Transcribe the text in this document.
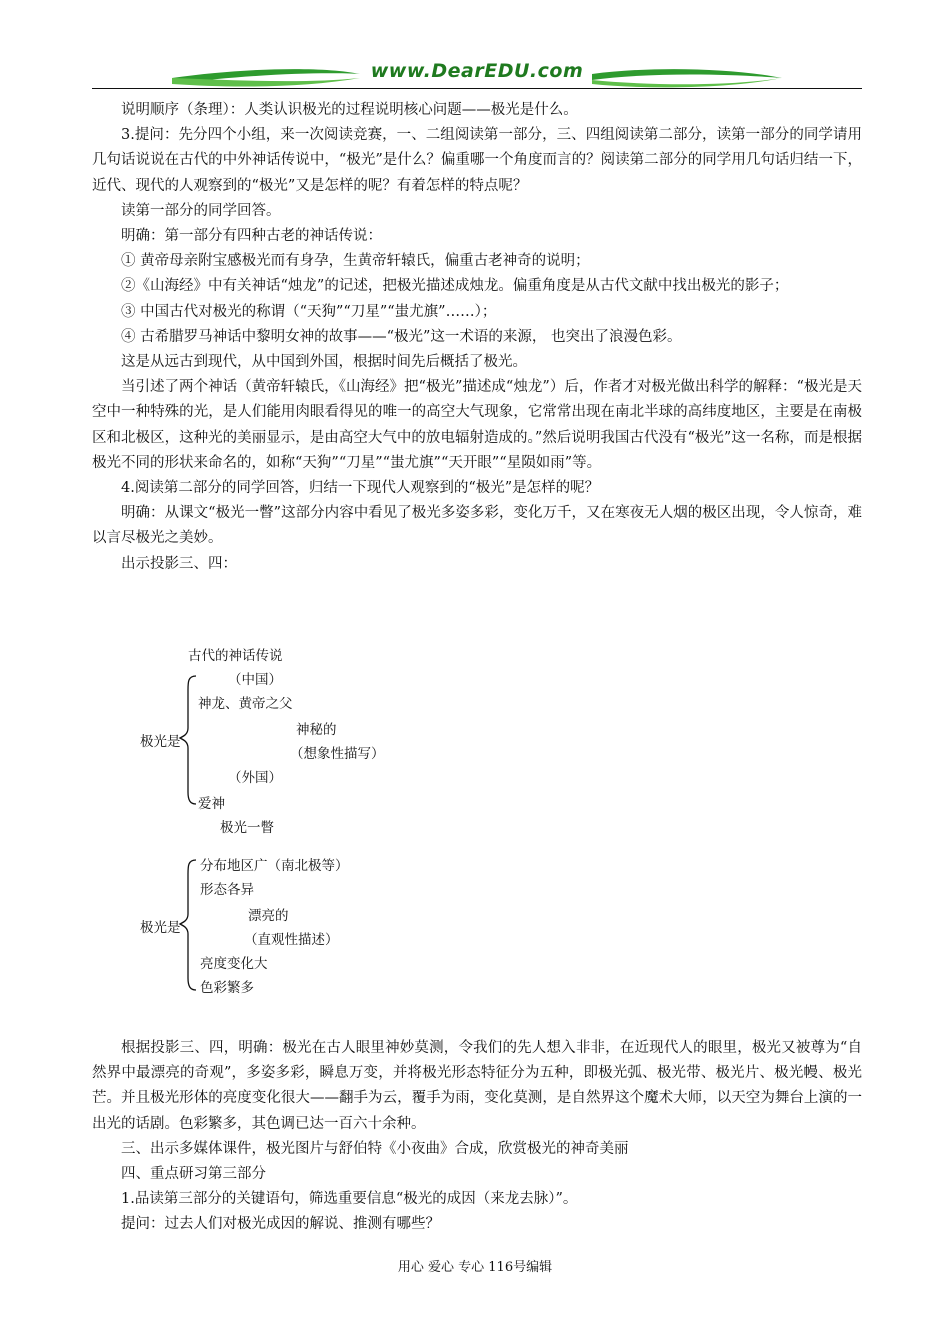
www.DearEDU.com

说明顺序（条理）：人类认识极光的过程说明核心问题——极光是什么。

3.提问：先分四个小组，来一次阅读竞赛，一、二组阅读第一部分，三、四组阅读第二部分，读第一部分的同学请用几句话说说在古代的中外神话传说中，“极光”是什么？偏重哪一个角度而言的？阅读第二部分的同学用几句话归结一下，近代、现代的人观察到的“极光”又是怎样的呢？有着怎样的特点呢？

读第一部分的同学回答。

明确：第一部分有四种古老的神话传说：

① 黄帝母亲附宝感极光而有身孕，生黄帝轩辕氏，偏重古老神奇的说明；

②《山海经》中有关神话“烛龙”的记述，把极光描述成烛龙。偏重角度是从古代文献中找出极光的影子；

③ 中国古代对极光的称谓（“天狗”“刀星”“蚩尤旗”……）；

④ 古希腊罗马神话中黎明女神的故事——“极光”这一术语的来源， 也突出了浪漫色彩。

这是从远古到现代，从中国到外国，根据时间先后概括了极光。

当引述了两个神话（黄帝轩辕氏，《山海经》把“极光”描述成“烛龙”）后，作者才对极光做出科学的解释：“极光是天空中一种特殊的光，是人们能用肉眼看得见的唯一的高空大气现象，它常常出现在南北半球的高纬度地区，主要是在南极区和北极区，这种光的美丽显示，是由高空大气中的放电辐射造成的。”然后说明我国古代没有“极光”这一名称，而是根据极光不同的形状来命名的，如称“天狗”“刀星”“蚩尤旗”“天开眼”“星陨如雨”等。

4.阅读第二部分的同学回答，归结一下现代人观察到的“极光”是怎样的呢？

明确：从课文“极光一瞥”这部分内容中看见了极光多姿多彩，变化万千，又在寒夜无人烟的极区出现，令人惊奇，难以言尽极光之美妙。

出示投影三、四：

古代的神话传说
（中国）
神龙、黄帝之父
神秘的
极光是
（想象性描写）
（外国）
爱神
极光一瞥
分布地区广（南北极等）
形态各异
漂亮的
极光是
（直观性描述）
亮度变化大
色彩繁多

根据投影三、四，明确：极光在古人眼里神妙莫测，令我们的先人想入非非，在近现代人的眼里，极光又被尊为“自然界中最漂亮的奇观”，多姿多彩，瞬息万变，并将极光形态特征分为五种，即极光弧、极光带、极光片、极光幔、极光芒。并且极光形体的亮度变化很大——翻手为云，覆手为雨，变化莫测，是自然界这个魔术大师，以天空为舞台上演的一出光的话剧。色彩繁多，其色调已达一百六十余种。

三、出示多媒体课件，极光图片与舒伯特《小夜曲》合成，欣赏极光的神奇美丽

四、重点研习第三部分

1.品读第三部分的关键语句，筛选重要信息“极光的成因（来龙去脉）”。

提问：过去人们对极光成因的解说、推测有哪些？

用心 爱心 专心 116号编辑
